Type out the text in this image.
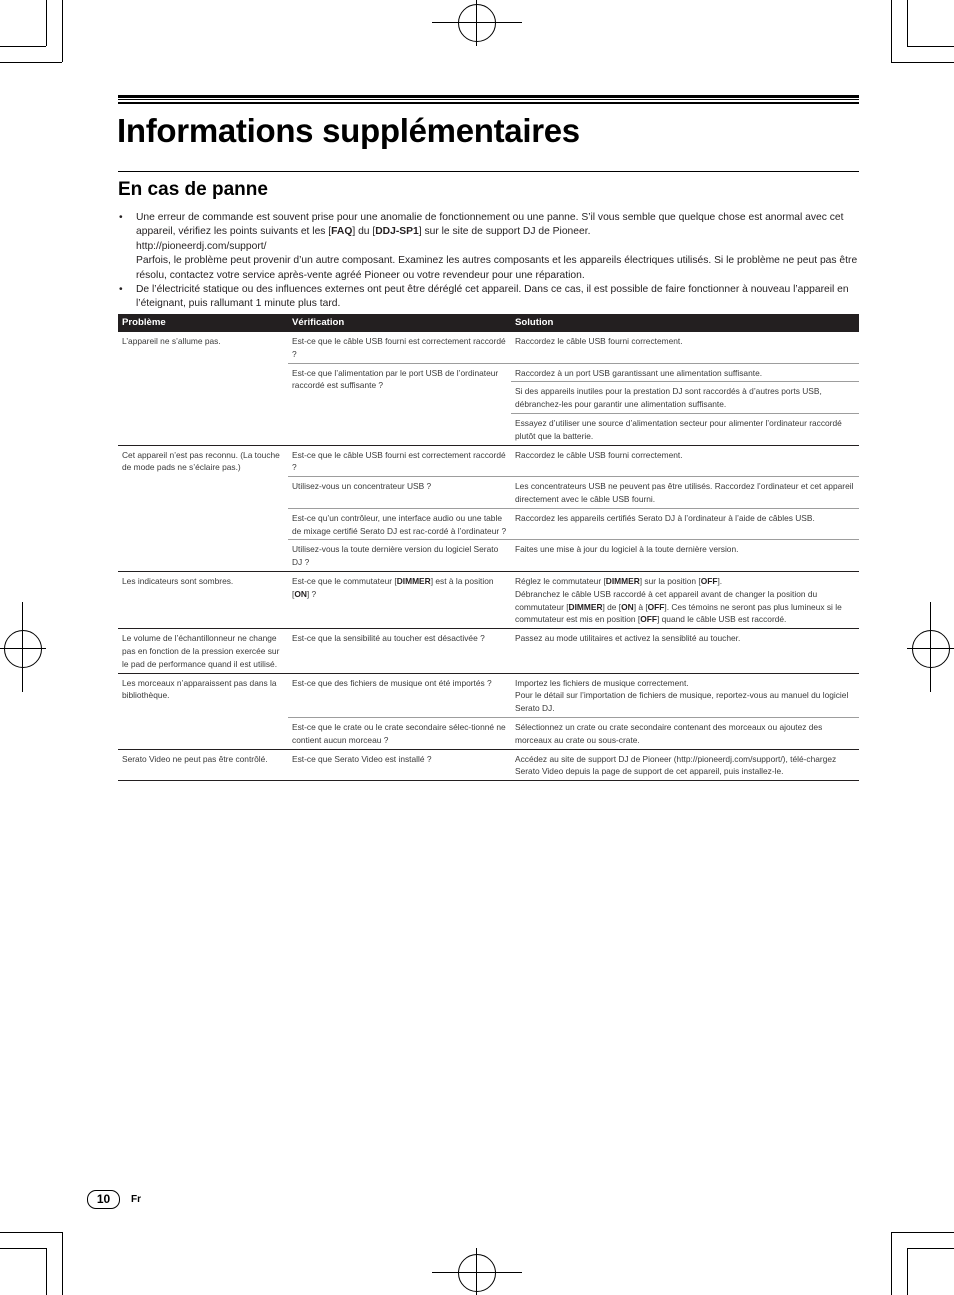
Informations supplémentaires
En cas de panne
• Une erreur de commande est souvent prise pour une anomalie de fonctionnement ou une panne. S’il vous semble que quelque chose est anormal avec cet appareil, vérifiez les points suivants et les [FAQ] du [DDJ-SP1] sur le site de support DJ de Pioneer.
http://pioneerdj.com/support/
Parfois, le problème peut provenir d’un autre composant. Examinez les autres composants et les appareils électriques utilisés. Si le problème ne peut pas être résolu, contactez votre service après-vente agréé Pioneer ou votre revendeur pour une réparation.
• De l’électricité statique ou des influences externes ont peut être déréglé cet appareil. Dans ce cas, il est possible de faire fonctionner à nouveau l’appareil en l’éteignant, puis rallumant 1 minute plus tard.
Problème	Vérification	Solution
L’appareil ne s’allume pas.	Est-ce que le câble USB fourni est correctement raccordé ?	Raccordez le câble USB fourni correctement.
	Est-ce que l’alimentation par le port USB de l’ordinateur raccordé est suffisante ?	Raccordez à un port USB garantissant une alimentation suffisante.
		Si des appareils inutiles pour la prestation DJ sont raccordés à d’autres ports USB, débranchez-les pour garantir une alimentation suffisante.
		Essayez d’utiliser une source d’alimentation secteur pour alimenter l’ordinateur raccordé plutôt que la batterie.
Cet appareil n’est pas reconnu. (La touche de mode pads ne s’éclaire pas.)	Est-ce que le câble USB fourni est correctement raccordé ?	Raccordez le câble USB fourni correctement.
	Utilisez-vous un concentrateur USB ?	Les concentrateurs USB ne peuvent pas être utilisés. Raccordez l’ordinateur et cet appareil directement avec le câble USB fourni.
	Est-ce qu’un contrôleur, une interface audio ou une table de mixage certifié Serato DJ est rac-cordé à l’ordinateur ?	Raccordez les appareils certifiés Serato DJ à l’ordinateur à l’aide de câbles USB.
	Utilisez-vous la toute dernière version du logiciel Serato DJ ?	Faites une mise à jour du logiciel à la toute dernière version.
Les indicateurs sont sombres.	Est-ce que le commutateur [DIMMER] est à la position [ON] ?	Réglez le commutateur [DIMMER] sur la position [OFF].
Débranchez le câble USB raccordé à cet appareil avant de changer la position du commutateur [DIMMER] de [ON] à [OFF]. Ces témoins ne seront pas plus lumineux si le commutateur est mis en position [OFF] quand le câble USB est raccordé.
Le volume de l’échantillonneur ne change pas en fonction de la pression exercée sur le pad de performance quand il est utilisé.	Est-ce que la sensibilité au toucher est désactivée ?	Passez au mode utilitaires et activez la sensiblité au toucher.
Les morceaux n’apparaissent pas dans la bibliothèque.	Est-ce que des fichiers de musique ont été importés ?	Importez les fichiers de musique correctement.
Pour le détail sur l’importation de fichiers de musique, reportez-vous au manuel du logiciel Serato DJ.
	Est-ce que le crate ou le crate secondaire sélec-tionné ne contient aucun morceau ?	Sélectionnez un crate ou crate secondaire contenant des morceaux ou ajoutez des morceaux au crate ou sous-crate.
Serato Video ne peut pas être contrôlé.	Est-ce que Serato Video est installé ?	Accédez au site de support DJ de Pioneer (http://pioneerdj.com/support/), télé-chargez Serato Video depuis la page de support de cet appareil, puis installez-le.
10	Fr
